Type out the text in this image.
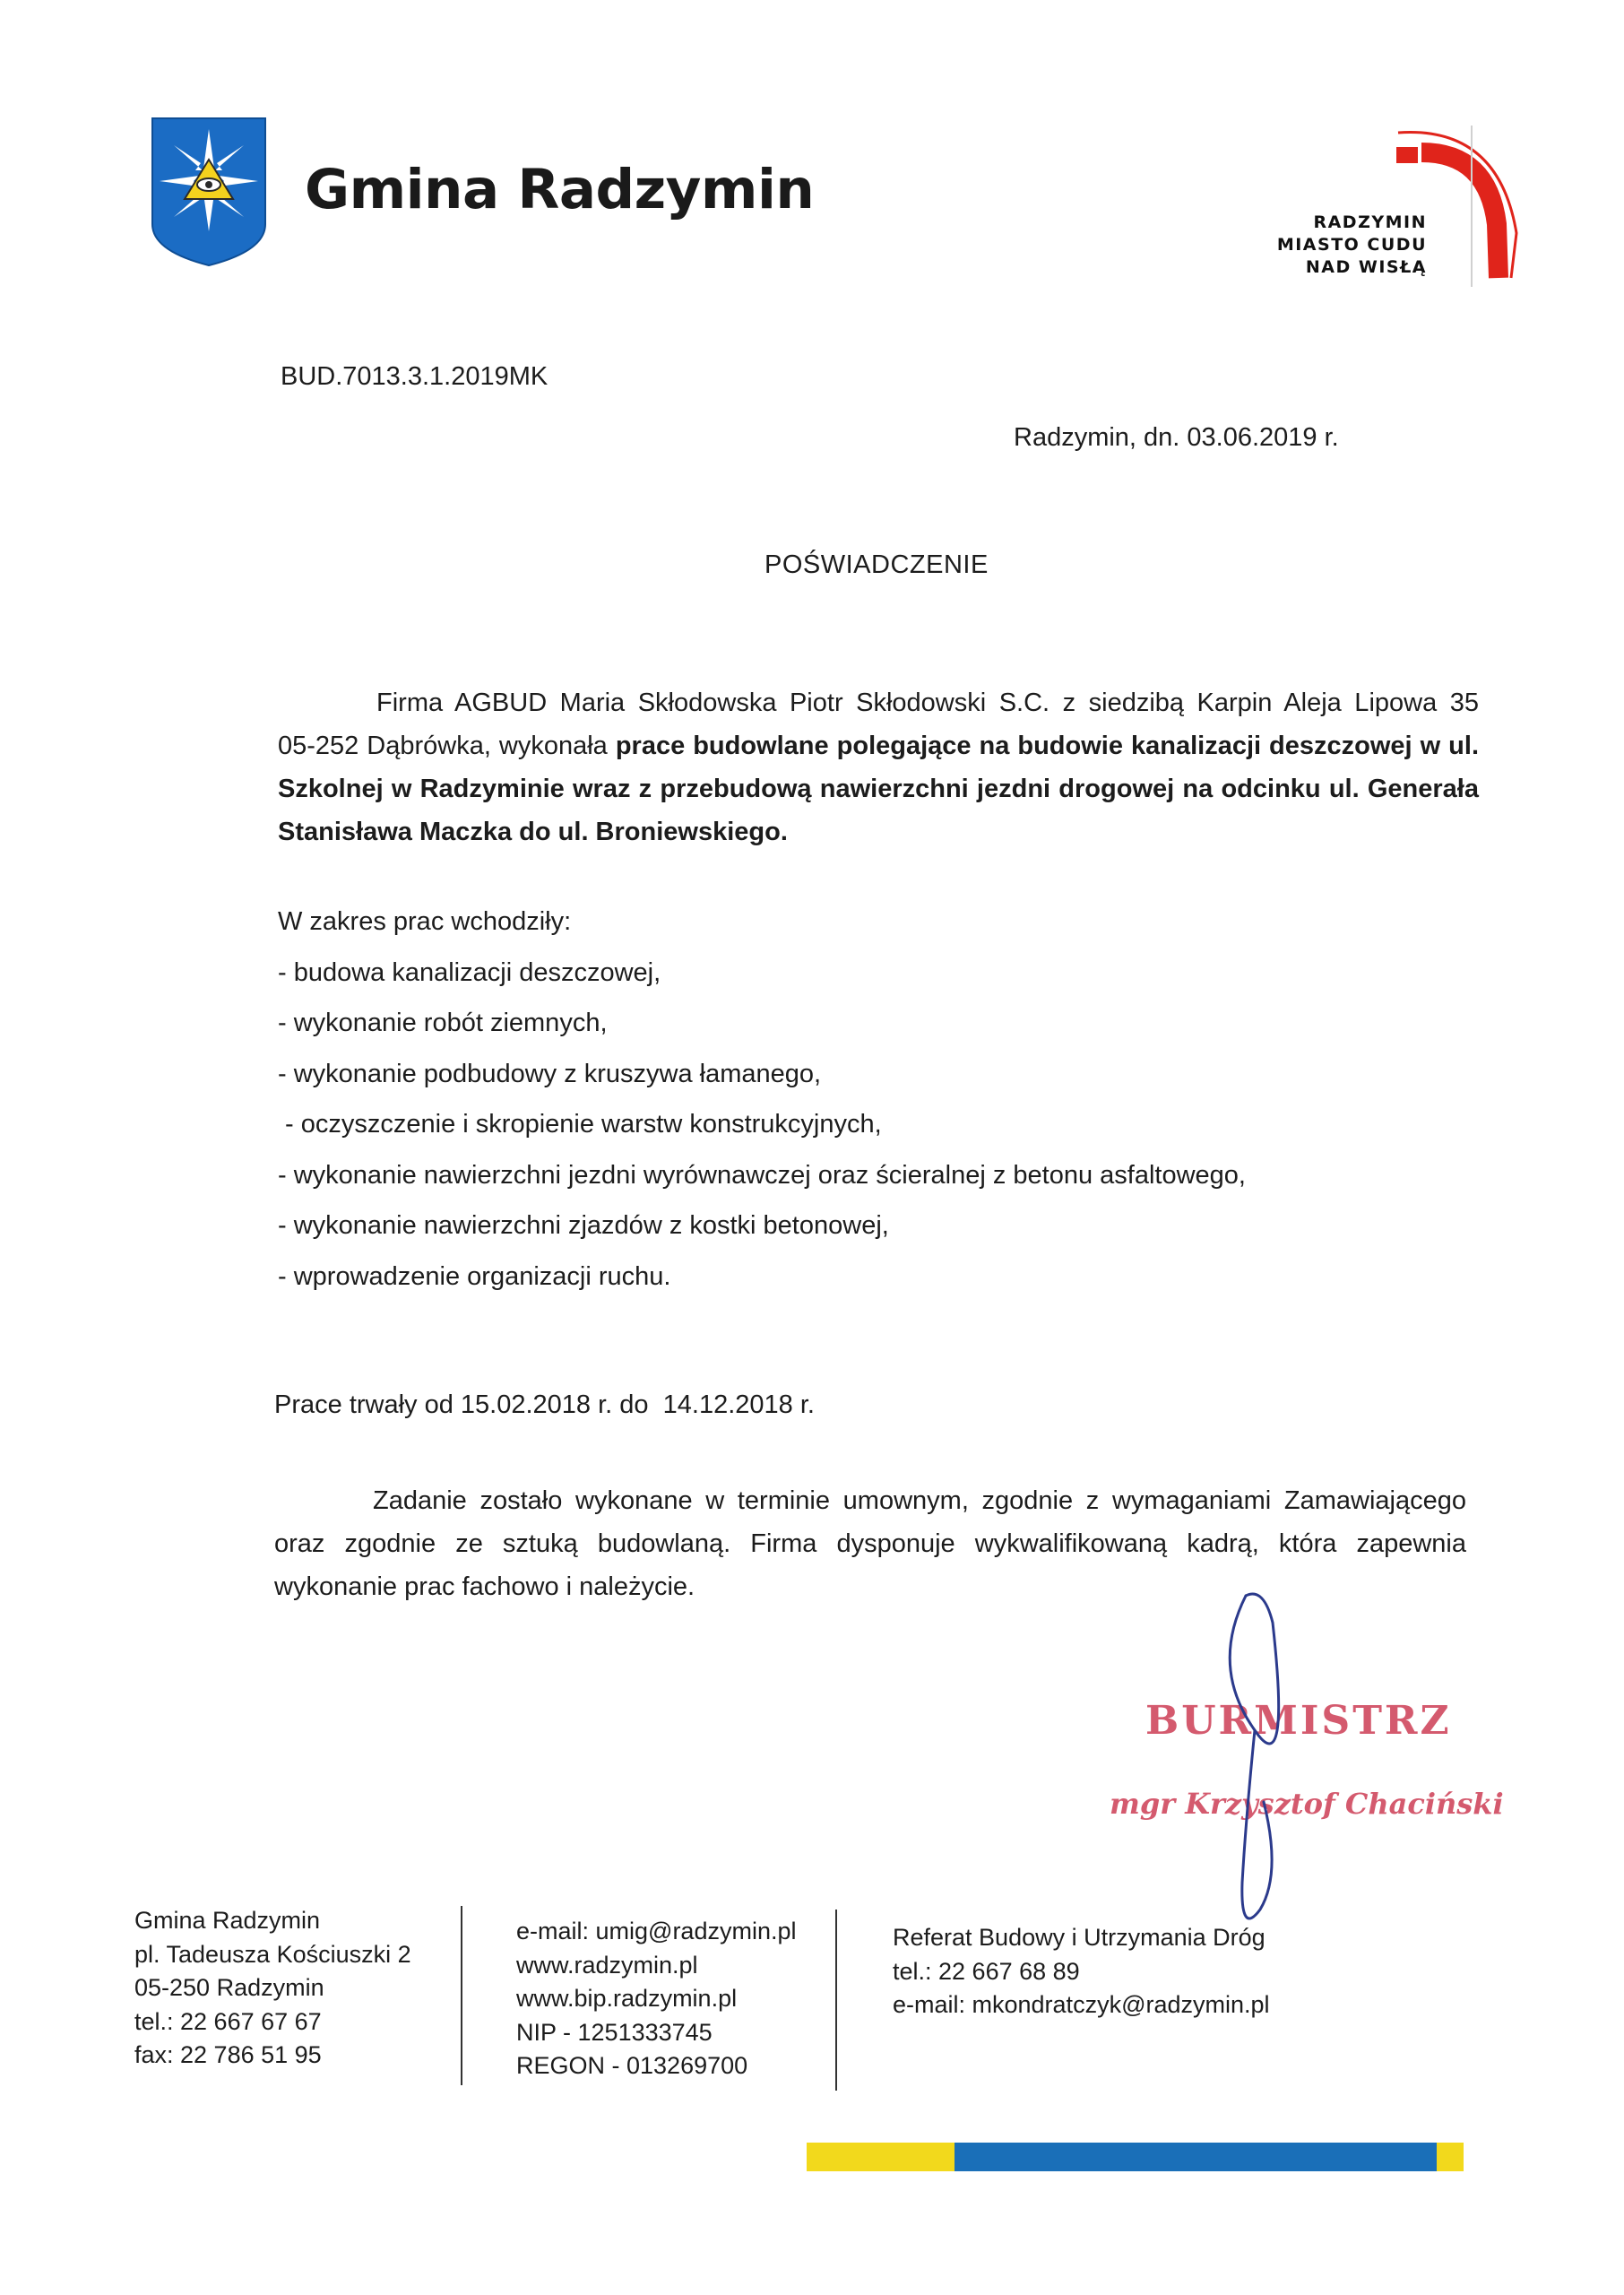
Gmina Radzymin
RADZYMIN
MIASTO CUDU
NAD WISŁĄ
BUD.7013.3.1.2019MK
Radzymin, dn. 03.06.2019 r.
POŚWIADCZENIE
Firma AGBUD Maria Skłodowska Piotr Skłodowski S.C. z siedzibą Karpin Aleja Lipowa 35
05-252 Dąbrówka, wykonała prace budowlane polegające na budowie kanalizacji deszczowej w ul.
Szkolnej w Radzyminie wraz z przebudową nawierzchni jezdni drogowej na odcinku ul. Generała
Stanisława Maczka do ul. Broniewskiego.
W zakres prac wchodziły:
- budowa kanalizacji deszczowej,
- wykonanie robót ziemnych,
- wykonanie podbudowy z kruszywa łamanego,
- oczyszczenie i skropienie warstw konstrukcyjnych,
- wykonanie nawierzchni jezdni wyrównawczej oraz ścieralnej z betonu asfaltowego,
- wykonanie nawierzchni zjazdów z kostki betonowej,
- wprowadzenie organizacji ruchu.
Prace trwały od 15.02.2018 r. do  14.12.2018 r.
Zadanie zostało wykonane w terminie umownym, zgodnie z wymaganiami Zamawiającego
oraz zgodnie ze sztuką budowlaną. Firma dysponuje wykwalifikowaną kadrą, która zapewnia
wykonanie prac fachowo i należycie.
BURMISTRZ
mgr Krzysztof Chaciński
Gmina Radzymin
pl. Tadeusza Kościuszki 2
05-250 Radzymin
tel.: 22 667 67 67
fax: 22 786 51 95
e-mail: umig@radzymin.pl
www.radzymin.pl
www.bip.radzymin.pl
NIP - 1251333745
REGON - 013269700
Referat Budowy i Utrzymania Dróg
tel.: 22 667 68 89
e-mail: mkondratczyk@radzymin.pl
